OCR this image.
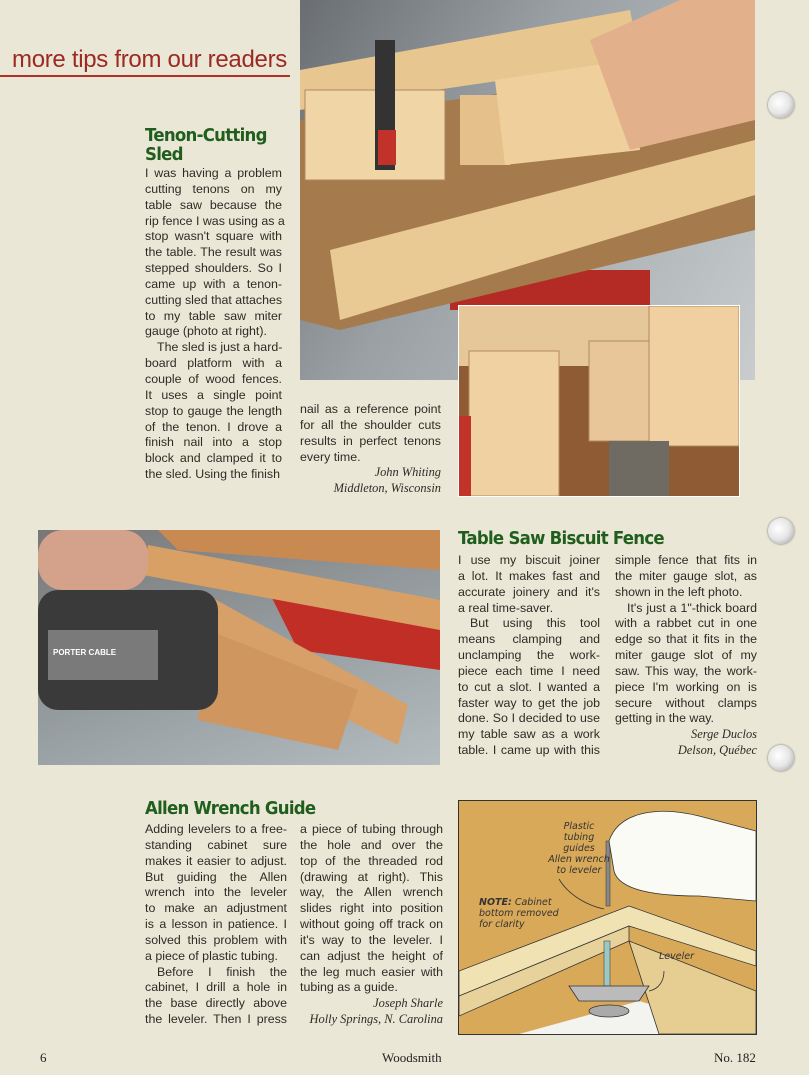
more tips from our readers
Tenon-Cutting
Sled
I was having a problem
cutting tenons on my
table saw because the
rip fence I was using as a
stop wasn't square with
the table. The result was
stepped shoulders. So I
came up with a tenon-
cutting sled that attaches
to my table saw miter
gauge (photo at right).
The sled is just a hard-
board platform with a
couple of wood fences.
It uses a single point
stop to gauge the length
of the tenon. I drove a
finish nail into a stop
block and clamped it to
the sled. Using the finish
nail as a reference point
for all the shoulder cuts
results in perfect tenons
every time.
John Whiting
Middleton, Wisconsin
PORTER CABLE
Table Saw Biscuit Fence
I use my biscuit joiner
a lot. It makes fast and
accurate joinery and it's
a real time-saver.
But using this tool
means clamping and
unclamping the work-
piece each time I need
to cut a slot. I wanted a
faster way to get the job
done. So I decided to use
my table saw as a work
table. I came up with this
simple fence that fits in
the miter gauge slot, as
shown in the left photo.
It's just a 1"-thick board
with a rabbet cut in one
edge so that it fits in the
miter gauge slot of my
saw. This way, the work-
piece I'm working on is
secure without clamps
getting in the way.
Serge Duclos
Delson, Québec
Allen Wrench Guide
Adding levelers to a free-
standing cabinet sure
makes it easier to adjust.
But guiding the Allen
wrench into the leveler
to make an adjustment
is a lesson in patience. I
solved this problem with
a piece of plastic tubing.
Before I finish the
cabinet, I drill a hole in
the base directly above
the leveler. Then I press
a piece of tubing through
the hole and over the
top of the threaded rod
(drawing at right). This
way, the Allen wrench
slides right into position
without going off track on
it's way to the leveler. I
can adjust the height of
the leg much easier with
tubing as a guide.
Joseph Sharle
Holly Springs, N. Carolina
Plastic
tubing
guides
Allen wrench
to leveler
NOTE: Cabinet
bottom removed
for clarity
Leveler
6	Woodsmith	No. 182
